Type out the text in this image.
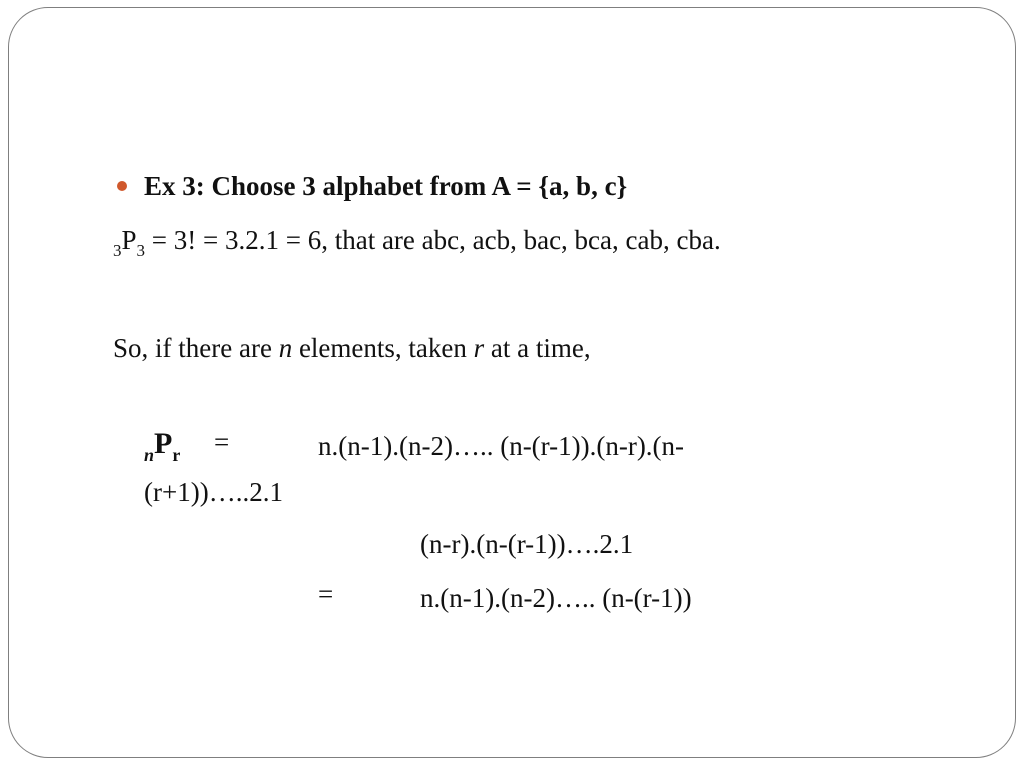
Ex 3: Choose 3 alphabet from A = {a, b, c}
$_3P_3 = 3$! = 3.2.1 = 6, that are abc, acb, bac, bca, cab, cba.
So, if there are n elements, taken r at a time,
$_nP_r$ =	n.(n-1).(n-2)….. (n-(r-1)).(n-r).(n-
(r+1))…..2.1
(n-r).(n-(r-1))….2.1
=	n.(n-1).(n-2)….. (n-(r-1))
